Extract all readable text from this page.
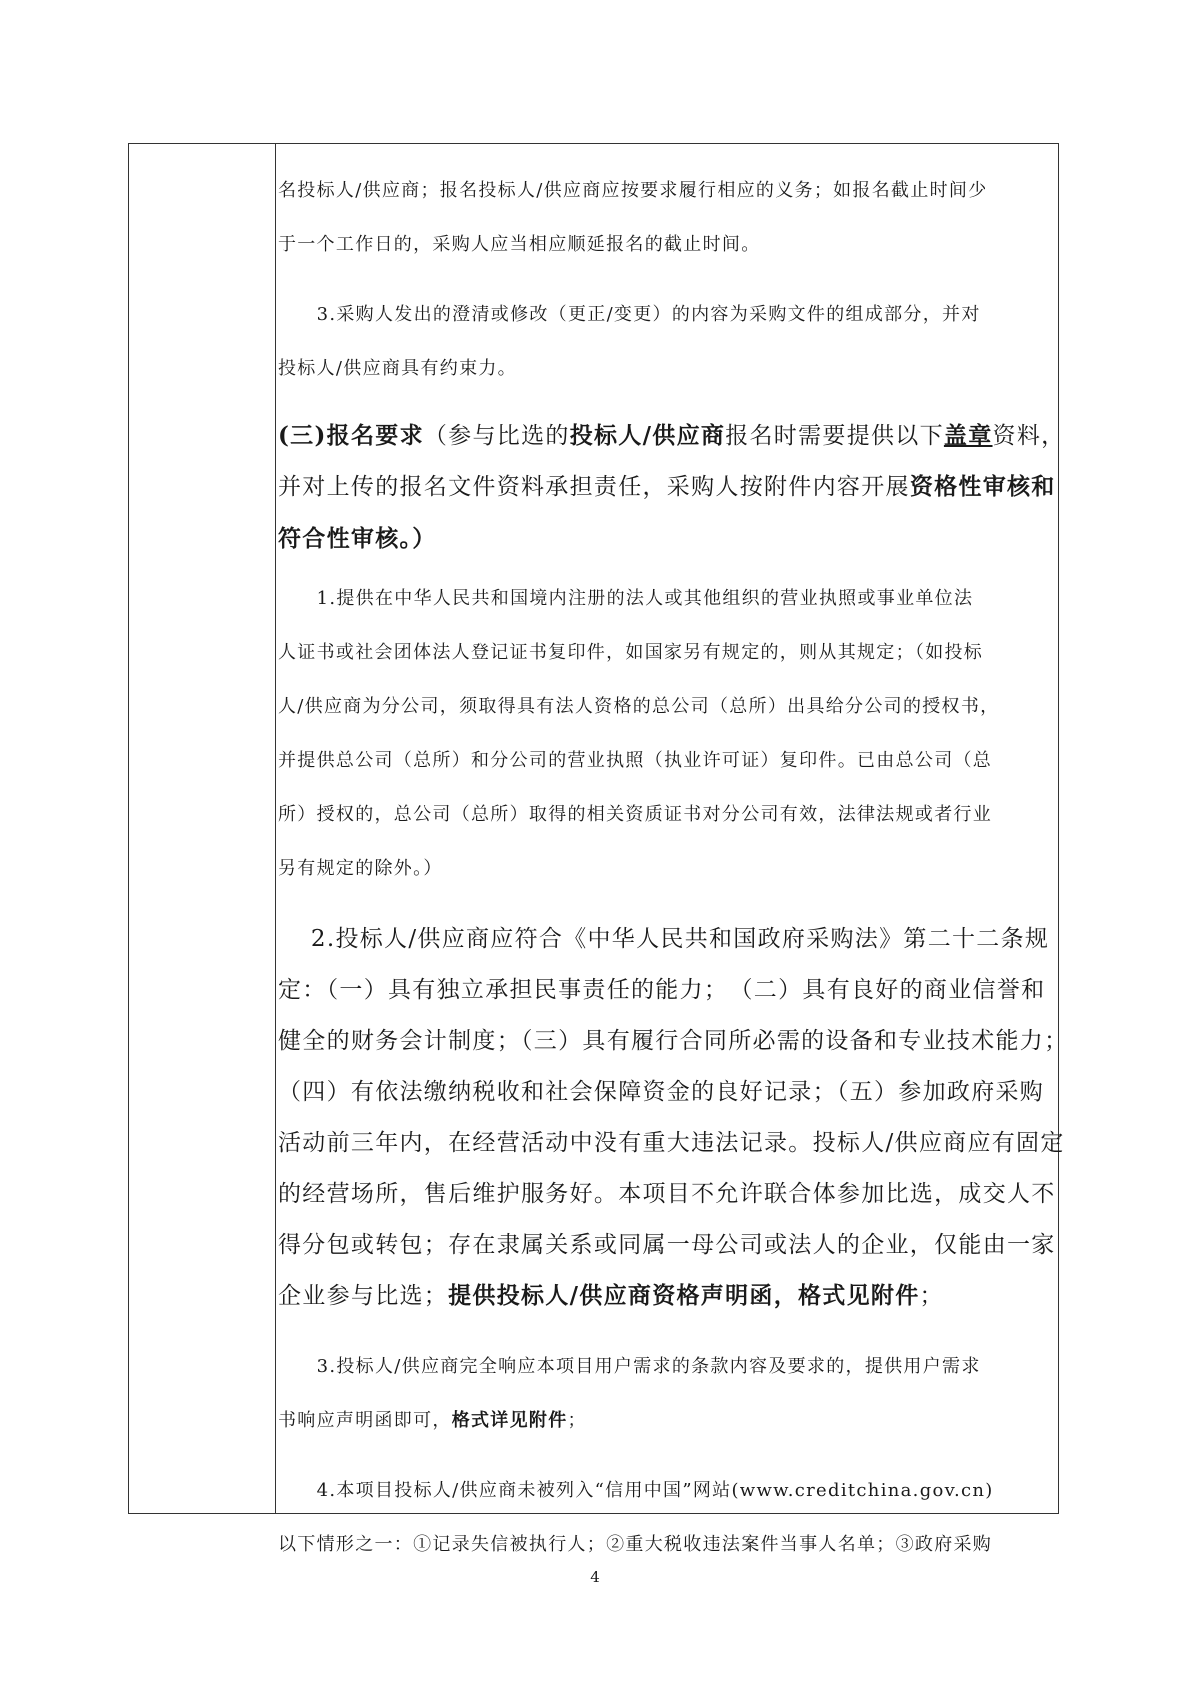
名投标人/供应商；报名投标人/供应商应按要求履行相应的义务；如报名截止时间少
于一个工作日的，采购人应当相应顺延报名的截止时间。
　　3.采购人发出的澄清或修改（更正/变更）的内容为采购文件的组成部分，并对
投标人/供应商具有约束力。
(三)报名要求（参与比选的投标人/供应商报名时需要提供以下盖章资料，
并对上传的报名文件资料承担责任，采购人按附件内容开展资格性审核和
符合性审核。）
　　1.提供在中华人民共和国境内注册的法人或其他组织的营业执照或事业单位法
人证书或社会团体法人登记证书复印件，如国家另有规定的，则从其规定；（如投标
人/供应商为分公司，须取得具有法人资格的总公司（总所）出具给分公司的授权书，
并提供总公司（总所）和分公司的营业执照（执业许可证）复印件。已由总公司（总
所）授权的，总公司（总所）取得的相关资质证书对分公司有效，法律法规或者行业
另有规定的除外。）
　 2.投标人/供应商应符合《中华人民共和国政府采购法》第二十二条规
定：（一）具有独立承担民事责任的能力；　（二）具有良好的商业信誉和
健全的财务会计制度；（三）具有履行合同所必需的设备和专业技术能力；
（四）有依法缴纳税收和社会保障资金的良好记录；（五）参加政府采购
活动前三年内，在经营活动中没有重大违法记录。投标人/供应商应有固定
的经营场所，售后维护服务好。本项目不允许联合体参加比选，成交人不
得分包或转包；存在隶属关系或同属一母公司或法人的企业，仅能由一家
企业参与比选；提供投标人/供应商资格声明函，格式见附件；
　　3.投标人/供应商完全响应本项目用户需求的条款内容及要求的，提供用户需求
书响应声明函即可，格式详见附件；
　　4.本项目投标人/供应商未被列入“信用中国”网站(www.creditchina.gov.cn)
以下情形之一：①记录失信被执行人；②重大税收违法案件当事人名单；③政府采购
4
